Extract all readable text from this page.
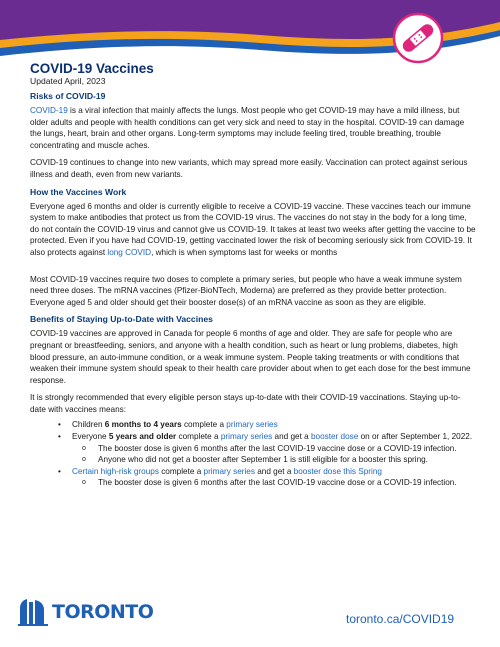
COVID-19 Vaccines
Updated April, 2023
Risks of COVID-19

COVID-19 is a viral infection that mainly affects the lungs. Most people who get COVID-19 may have a mild illness, but older adults and people with health conditions can get very sick and need to stay in the hospital. COVID-19 can damage the lungs, heart, brain and other organs. Long-term symptoms may include feeling tired, trouble breathing, trouble concentrating and muscle aches.

COVID-19 continues to change into new variants, which may spread more easily. Vaccination can protect against serious illness and death, even from new variants.

How the Vaccines Work

Everyone aged 6 months and older is currently eligible to receive a COVID-19 vaccine. These vaccines teach our immune system to make antibodies that protect us from the COVID-19 virus. The vaccines do not stay in the body for a long time, do not contain the COVID-19 virus and cannot give us COVID-19. It takes at least two weeks after getting the vaccine to be protected. Even if you have had COVID-19, getting vaccinated lower the risk of becoming seriously sick from COVID-19. It also protects against long COVID, which is when symptoms last for weeks or months

Most COVID-19 vaccines require two doses to complete a primary series, but people who have a weak immune system need three doses. The mRNA vaccines (Pfizer-BioNTech, Moderna) are preferred as they provide better protection. Everyone aged 5 and older should get their booster dose(s) of an mRNA vaccine as soon as they are eligible.

Benefits of Staying Up-to-Date with Vaccines

COVID-19 vaccines are approved in Canada for people 6 months of age and older. They are safe for people who are pregnant or breastfeeding, seniors, and anyone with a health condition, such as heart or lung problems, diabetes, high blood pressure, an auto-immune condition, or a weak immune system. People taking treatments or with conditions that weaken their immune system should speak to their health care provider about when to get each dose for the best immune response.

It is strongly recommended that every eligible person stays up-to-date with their COVID-19 vaccinations. Staying up-to-date with vaccines means:

• Children 6 months to 4 years complete a primary series
• Everyone 5 years and older complete a primary series and get a booster dose on or after September 1, 2022.
o The booster dose is given 6 months after the last COVID-19 vaccine dose or a COVID-19 infection.
o Anyone who did not get a booster after September 1 is still eligible for a booster this spring.
• Certain high-risk groups complete a primary series and get a booster dose this Spring
o The booster dose is given 6 months after the last COVID-19 vaccine dose or a COVID-19 infection.
TORONTO	toronto.ca/COVID19
